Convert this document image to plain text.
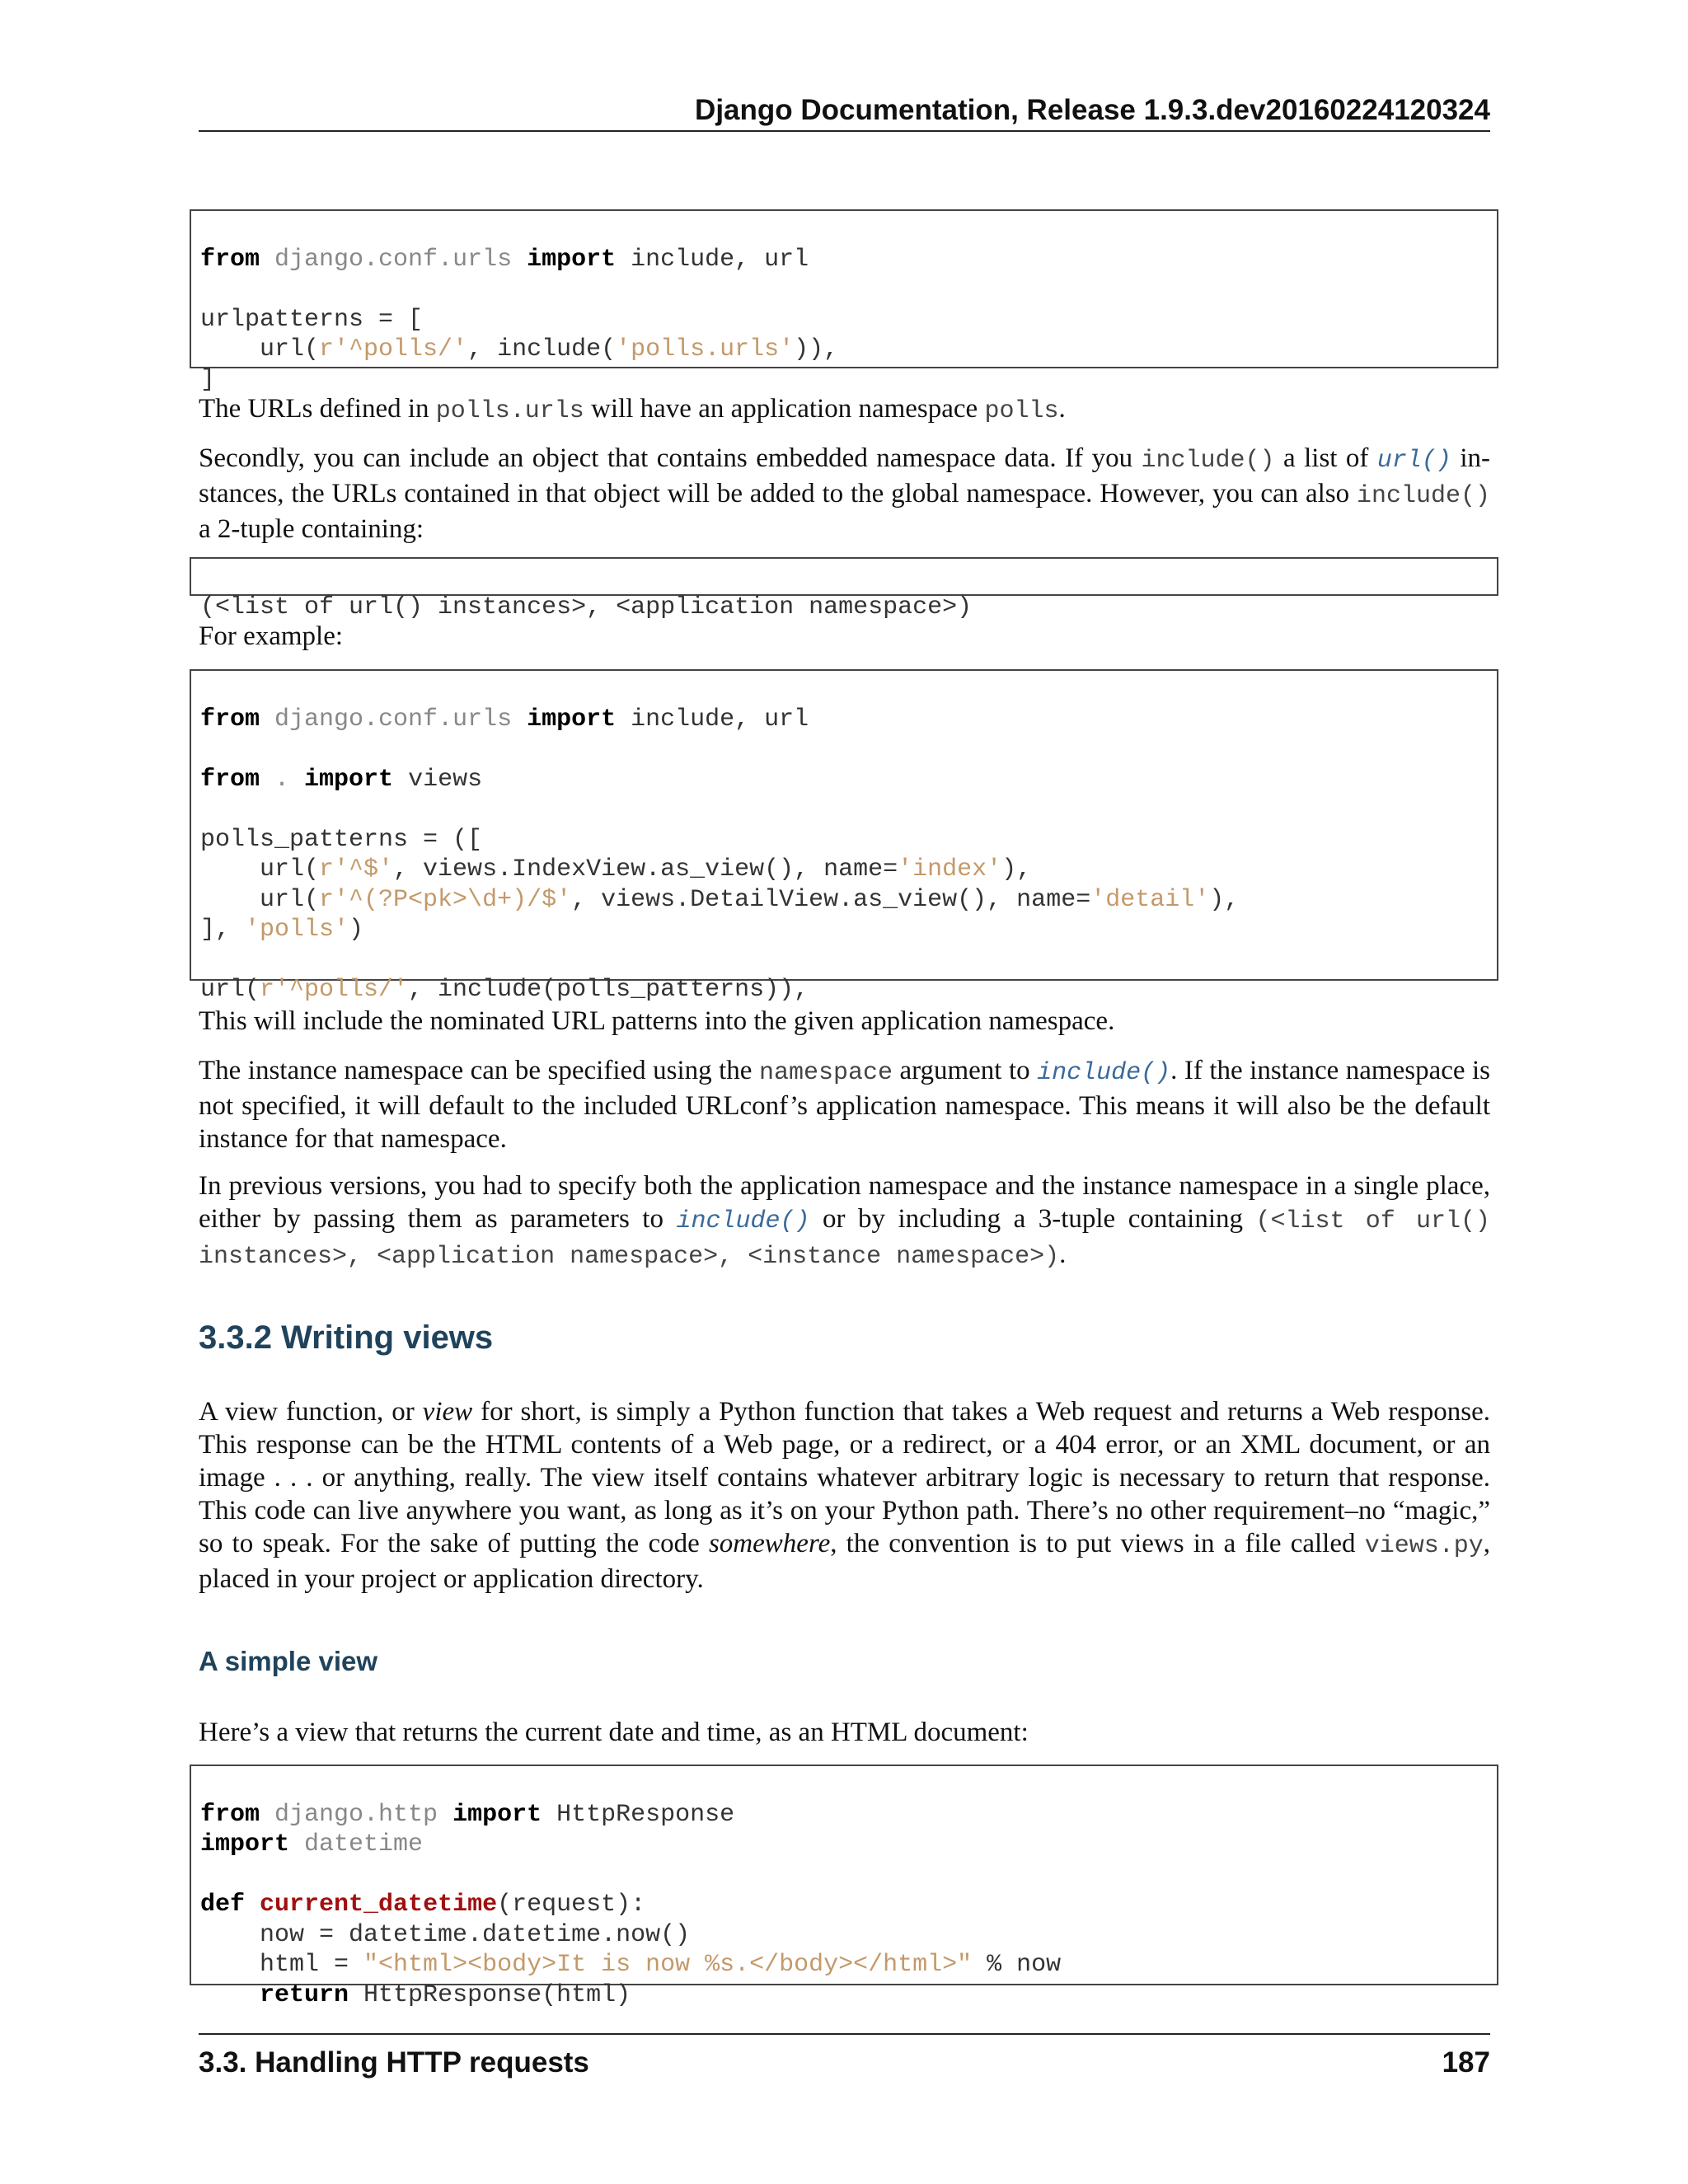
Django Documentation, Release 1.9.3.dev20160224120324

from django.conf.urls import include, url
urlpatterns = [
url(r'^polls/', include('polls.urls')),
]

The URLs defined in polls.urls will have an application namespace polls.
Secondly, you can include an object that contains embedded namespace data. If you include() a list of url() in-stances, the URLs contained in that object will be added to the global namespace. However, you can also include() a 2-tuple containing:

(<list of url() instances>, <application namespace>)

For example:

from django.conf.urls import include, url
from . import views
polls_patterns = ([
url(r'^$', views.IndexView.as_view(), name='index'),
url(r'^(?P<pk>\d+)/$', views.DetailView.as_view(), name='detail'),
], 'polls')
url(r'^polls/', include(polls_patterns)),

This will include the nominated URL patterns into the given application namespace.
The instance namespace can be specified using the namespace argument to include(). If the instance namespace is not specified, it will default to the included URLconf’s application namespace. This means it will also be the default instance for that namespace.
In previous versions, you had to specify both the application namespace and the instance namespace in a single place, either by passing them as parameters to include() or by including a 3-tuple containing (<list of url() instances>, <application namespace>, <instance namespace>).
3.3.2 Writing views
A view function, or view for short, is simply a Python function that takes a Web request and returns a Web response. This response can be the HTML contents of a Web page, or a redirect, or a 404 error, or an XML document, or an image . . . or anything, really. The view itself contains whatever arbitrary logic is necessary to return that response. This code can live anywhere you want, as long as it’s on your Python path. There’s no other requirement–no “magic,” so to speak. For the sake of putting the code somewhere, the convention is to put views in a file called views.py, placed in your project or application directory.
A simple view
Here’s a view that returns the current date and time, as an HTML document:

from django.http import HttpResponse
import datetime
def current_datetime(request):
now = datetime.datetime.now()
html = "<html><body>It is now %s.</body></html>" % now
return HttpResponse(html)

3.3. Handling HTTP requests	187
